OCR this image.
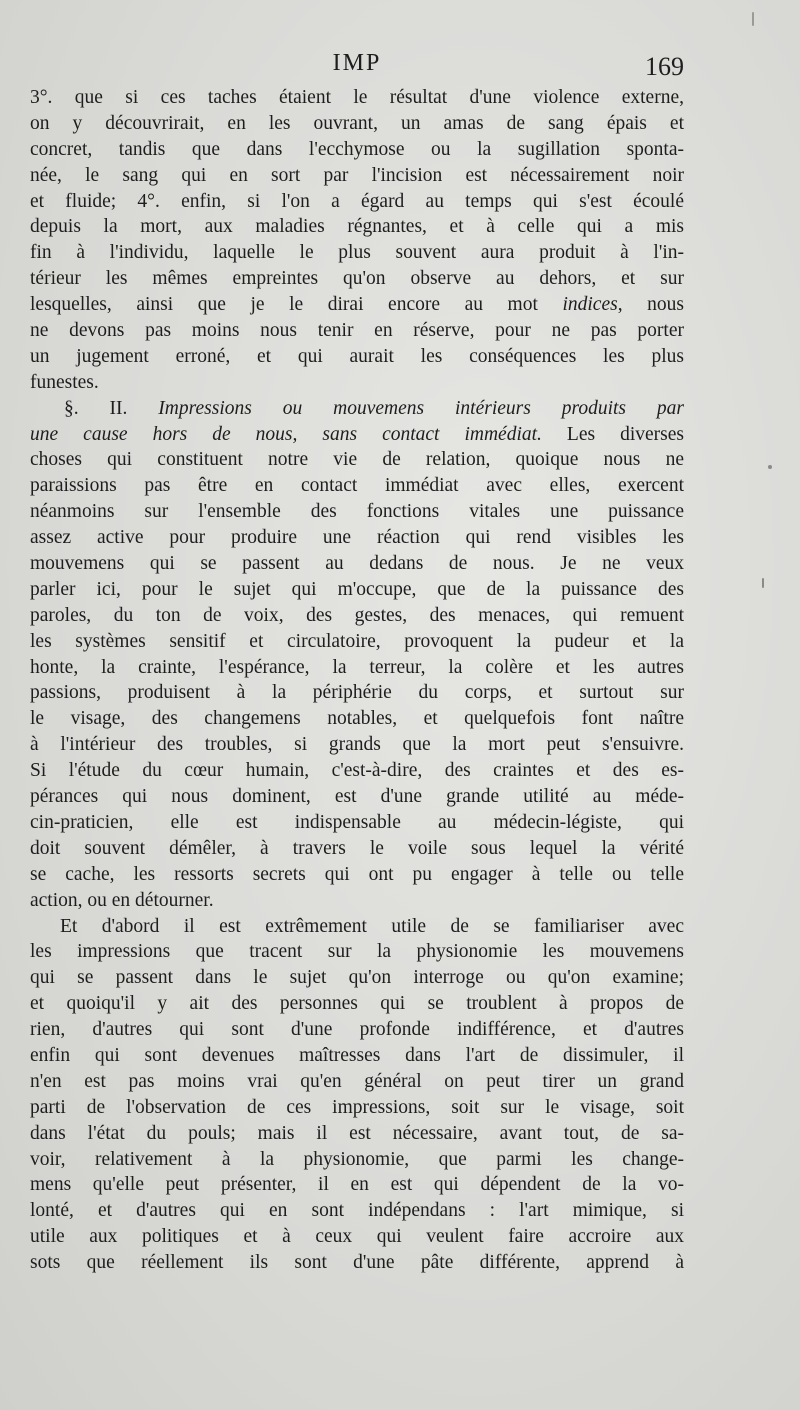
IMP	169
3°. que si ces taches étaient le résultat d'une violence externe,
on y découvrirait, en les ouvrant, un amas de sang épais et
concret, tandis que dans l'ecchymose ou la sugillation sponta-
née, le sang qui en sort par l'incision est nécessairement noir
et fluide; 4°. enfin, si l'on a égard au temps qui s'est écoulé
depuis la mort, aux maladies régnantes, et à celle qui a mis
fin à l'individu, laquelle le plus souvent aura produit à l'in-
térieur les mêmes empreintes qu'on observe au dehors, et sur
lesquelles, ainsi que je le dirai encore au mot indices, nous
ne devons pas moins nous tenir en réserve, pour ne pas porter
un jugement erroné, et qui aurait les conséquences les plus
funestes.
§. II. Impressions ou mouvemens intérieurs produits par
une cause hors de nous, sans contact immédiat. Les diverses
choses qui constituent notre vie de relation, quoique nous ne
paraissions pas être en contact immédiat avec elles, exercent
néanmoins sur l'ensemble des fonctions vitales une puissance
assez active pour produire une réaction qui rend visibles les
mouvemens qui se passent au dedans de nous. Je ne veux
parler ici, pour le sujet qui m'occupe, que de la puissance des
paroles, du ton de voix, des gestes, des menaces, qui remuent
les systèmes sensitif et circulatoire, provoquent la pudeur et la
honte, la crainte, l'espérance, la terreur, la colère et les autres
passions, produisent à la périphérie du corps, et surtout sur
le visage, des changemens notables, et quelquefois font naître
à l'intérieur des troubles, si grands que la mort peut s'ensuivre.
Si l'étude du cœur humain, c'est-à-dire, des craintes et des es-
pérances qui nous dominent, est d'une grande utilité au méde-
cin-praticien, elle est indispensable au médecin-légiste, qui
doit souvent démêler, à travers le voile sous lequel la vérité
se cache, les ressorts secrets qui ont pu engager à telle ou telle
action, ou en détourner.
Et d'abord il est extrêmement utile de se familiariser avec
les impressions que tracent sur la physionomie les mouvemens
qui se passent dans le sujet qu'on interroge ou qu'on examine;
et quoiqu'il y ait des personnes qui se troublent à propos de
rien, d'autres qui sont d'une profonde indifférence, et d'autres
enfin qui sont devenues maîtresses dans l'art de dissimuler, il
n'en est pas moins vrai qu'en général on peut tirer un grand
parti de l'observation de ces impressions, soit sur le visage, soit
dans l'état du pouls; mais il est nécessaire, avant tout, de sa-
voir, relativement à la physionomie, que parmi les change-
mens qu'elle peut présenter, il en est qui dépendent de la vo-
lonté, et d'autres qui en sont indépendans : l'art mimique, si
utile aux politiques et à ceux qui veulent faire accroire aux
sots que réellement ils sont d'une pâte différente, apprend à
